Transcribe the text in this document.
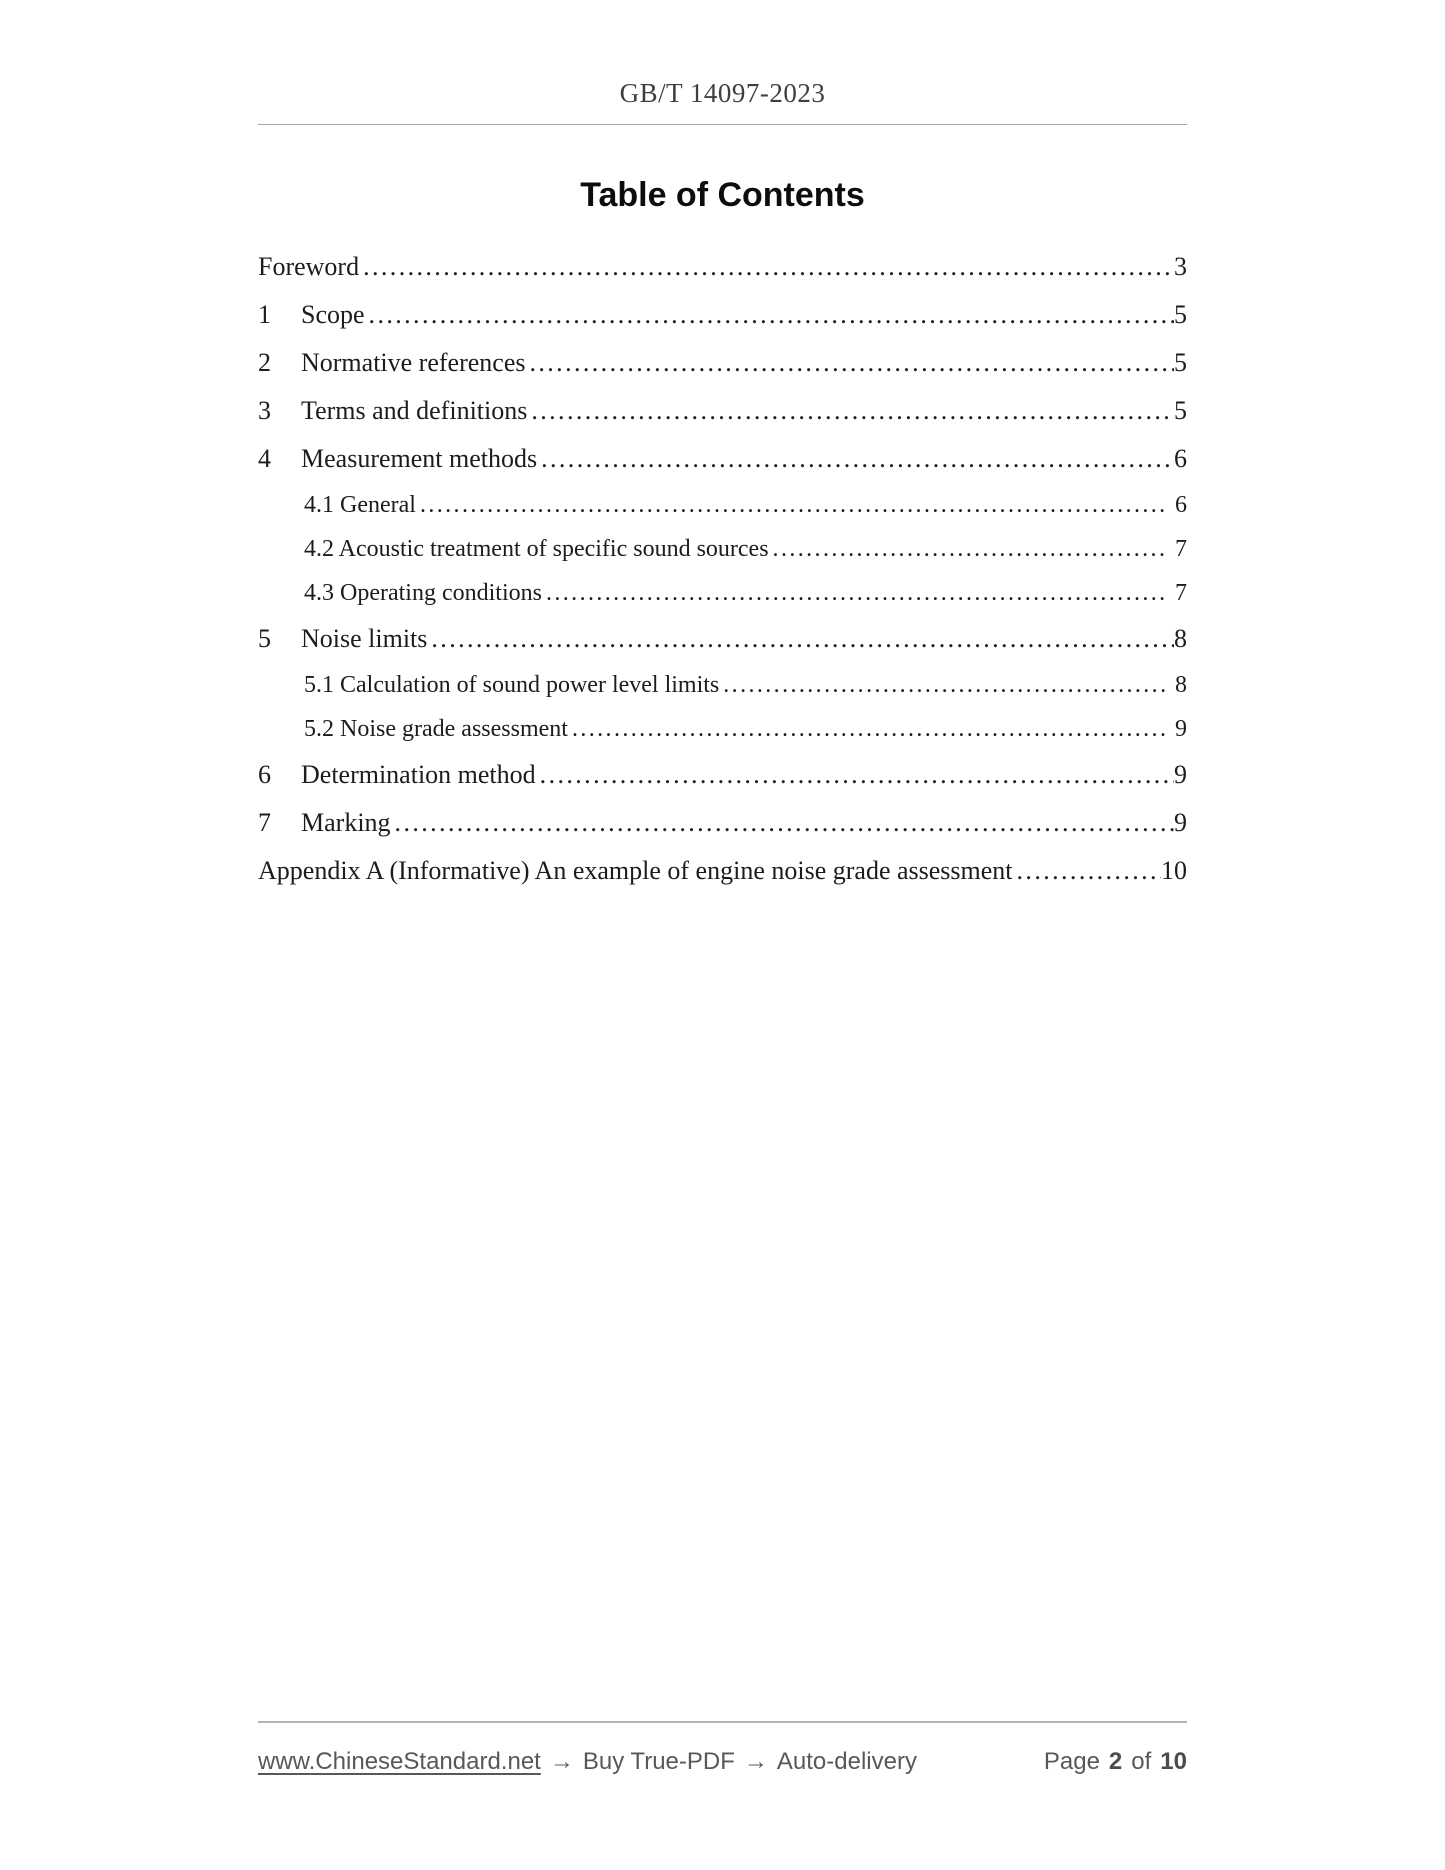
GB/T 14097-2023
Table of Contents
Foreword .....	3
1	Scope .....	5
2	Normative references .....	5
3	Terms and definitions .....	5
4	Measurement methods .....	6
4.1 General .....	6
4.2 Acoustic treatment of specific sound sources .....	7
4.3 Operating conditions .....	7
5	Noise limits .....	8
5.1 Calculation of sound power level limits .....	8
5.2 Noise grade assessment .....	9
6	Determination method .....	9
7	Marking .....	9
Appendix A (Informative) An example of engine noise grade assessment .....	10
www.ChineseStandard.net → Buy True-PDF → Auto-delivery	Page 2 of 10
